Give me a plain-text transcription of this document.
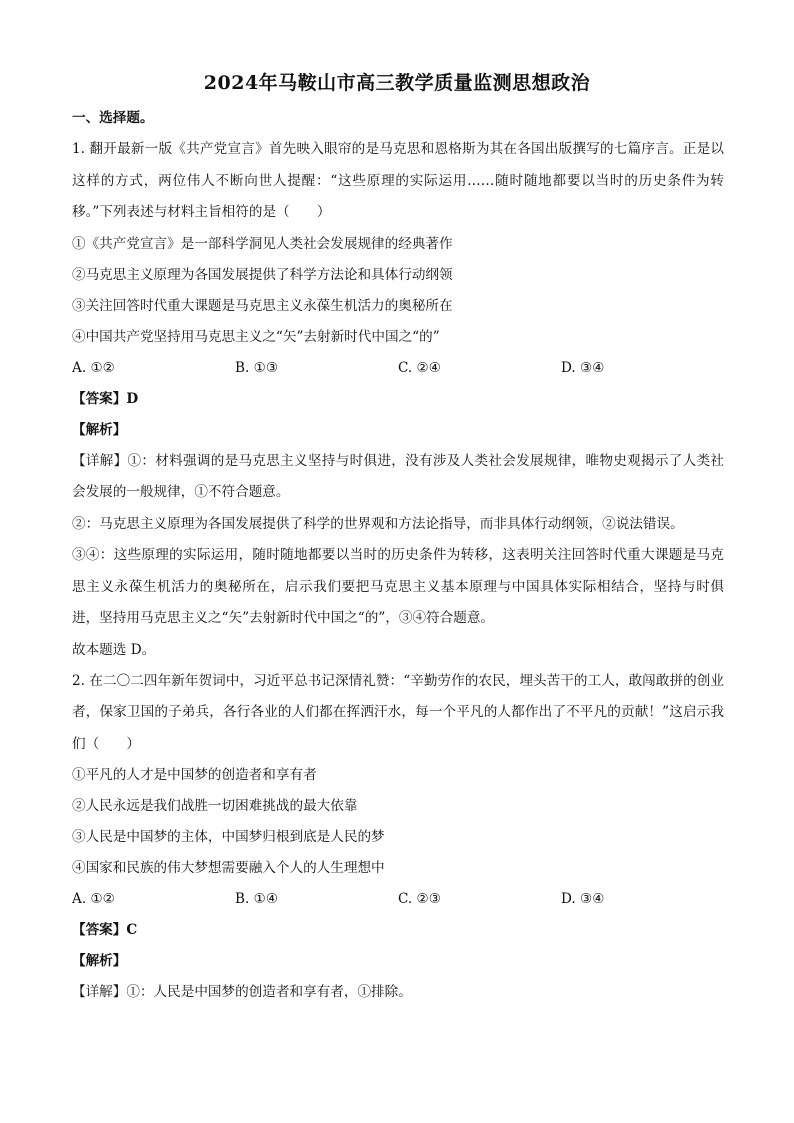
2024年马鞍山市高三教学质量监测思想政治
一、选择题。
1. 翻开最新一版《共产党宣言》首先映入眼帘的是马克思和恩格斯为其在各国出版撰写的七篇序言。正是以这样的方式，两位伟人不断向世人提醒：“这些原理的实际运用……随时随地都要以当时的历史条件为转移。”下列表述与材料主旨相符的是（　　）
①《共产党宣言》是一部科学洞见人类社会发展规律的经典著作
②马克思主义原理为各国发展提供了科学方法论和具体行动纲领
③关注回答时代重大课题是马克思主义永葆生机活力的奥秘所在
④中国共产党坚持用马克思主义之“矢”去射新时代中国之“的”
A. ①②	B. ①③	C. ②④	D. ③④
【答案】D
【解析】
【详解】①：材料强调的是马克思主义坚持与时俱进，没有涉及人类社会发展规律，唯物史观揭示了人类社会发展的一般规律，①不符合题意。
②：马克思主义原理为各国发展提供了科学的世界观和方法论指导，而非具体行动纲领，②说法错误。
③④：这些原理的实际运用，随时随地都要以当时的历史条件为转移，这表明关注回答时代重大课题是马克思主义永葆生机活力的奥秘所在，启示我们要把马克思主义基本原理与中国具体实际相结合，坚持与时俱进，坚持用马克思主义之“矢”去射新时代中国之“的”，③④符合题意。
故本题选 D。
2. 在二〇二四年新年贺词中，习近平总书记深情礼赞：“辛勤劳作的农民，埋头苦干的工人，敢闯敢拼的创业者，保家卫国的子弟兵，各行各业的人们都在挥洒汗水，每一个平凡的人都作出了不平凡的贡献！”这启示我们（　　）
①平凡的人才是中国梦的创造者和享有者
②人民永远是我们战胜一切困难挑战的最大依靠
③人民是中国梦的主体，中国梦归根到底是人民的梦
④国家和民族的伟大梦想需要融入个人的人生理想中
A. ①②	B. ①④	C. ②③	D. ③④
【答案】C
【解析】
【详解】①：人民是中国梦的创造者和享有者，①排除。
